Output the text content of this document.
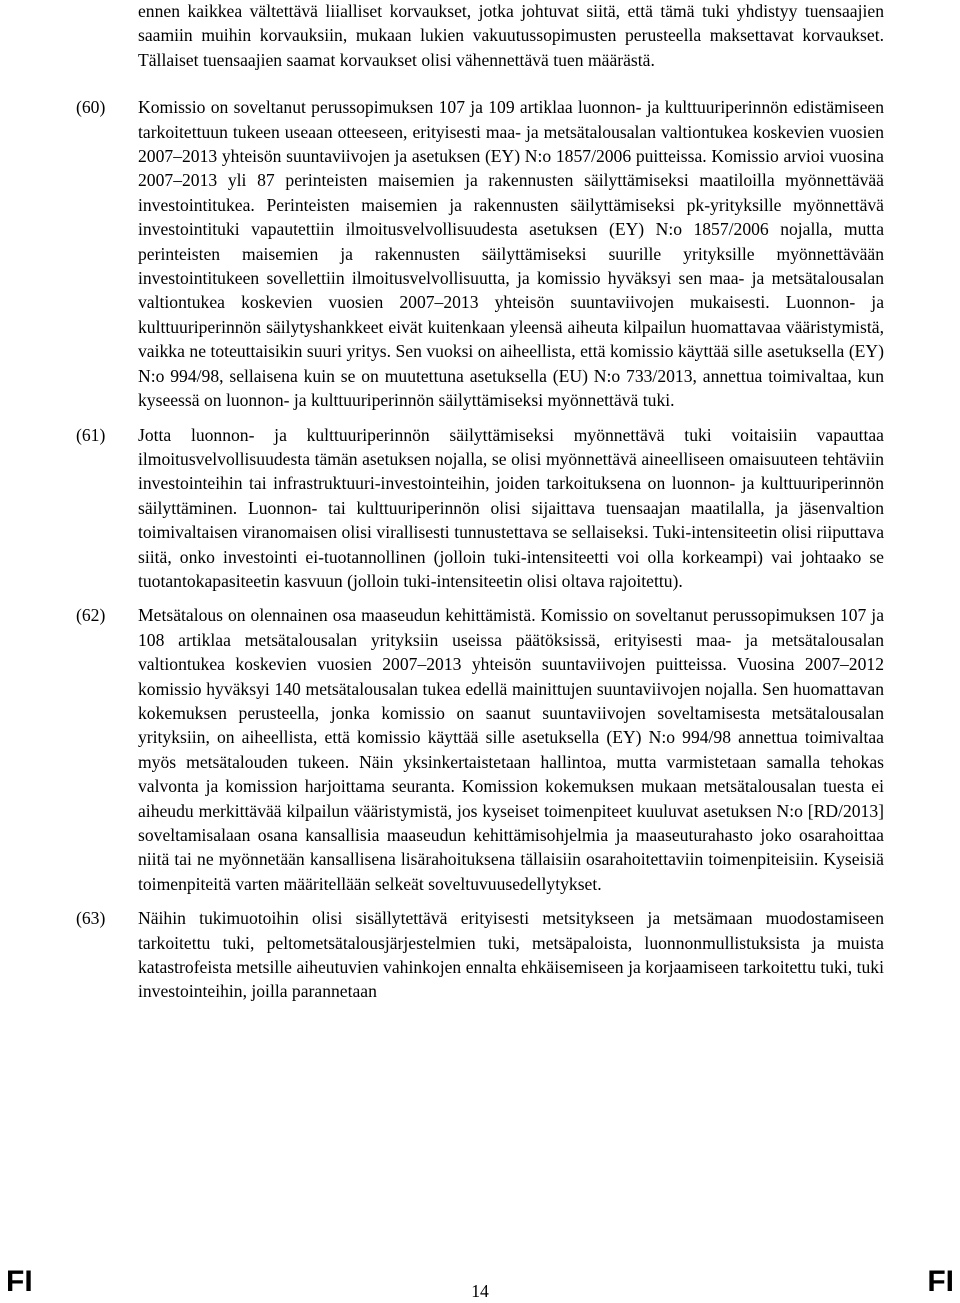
ennen kaikkea vältettävä liialliset korvaukset, jotka johtuvat siitä, että tämä tuki yhdistyy tuensaajien saamiin muihin korvauksiin, mukaan lukien vakuutussopimusten perusteella maksettavat korvaukset. Tällaiset tuensaajien saamat korvaukset olisi vähennettävä tuen määrästä.
(60) Komissio on soveltanut perussopimuksen 107 ja 109 artiklaa luonnon- ja kulttuuriperinnön edistämiseen tarkoitettuun tukeen useaan otteeseen, erityisesti maa- ja metsätalousalan valtiontukea koskevien vuosien 2007–2013 yhteisön suuntaviivojen ja asetuksen (EY) N:o 1857/2006 puitteissa. Komissio arvioi vuosina 2007–2013 yli 87 perinteisten maisemien ja rakennusten säilyttämiseksi maatiloilla myönnettävää investointitukea. Perinteisten maisemien ja rakennusten säilyttämiseksi pk-yrityksille myönnettävä investointituki vapautettiin ilmoitusvelvollisuudesta asetuksen (EY) N:o 1857/2006 nojalla, mutta perinteisten maisemien ja rakennusten säilyttämiseksi suurille yrityksille myönnettävään investointitukeen sovellettiin ilmoitusvelvollisuutta, ja komissio hyväksyi sen maa- ja metsätalousalan valtiontukea koskevien vuosien 2007–2013 yhteisön suuntaviivojen mukaisesti. Luonnon- ja kulttuuriperinnön säilytyshankkeet eivät kuitenkaan yleensä aiheuta kilpailun huomattavaa vääristymistä, vaikka ne toteuttaisikin suuri yritys. Sen vuoksi on aiheellista, että komissio käyttää sille asetuksella (EY) N:o 994/98, sellaisena kuin se on muutettuna asetuksella (EU) N:o 733/2013, annettua toimivaltaa, kun kyseessä on luonnon- ja kulttuuriperinnön säilyttämiseksi myönnettävä tuki.
(61) Jotta luonnon- ja kulttuuriperinnön säilyttämiseksi myönnettävä tuki voitaisiin vapauttaa ilmoitusvelvollisuudesta tämän asetuksen nojalla, se olisi myönnettävä aineelliseen omaisuuteen tehtäviin investointeihin tai infrastruktuuri-investointeihin, joiden tarkoituksena on luonnon- ja kulttuuriperinnön säilyttäminen. Luonnon- tai kulttuuriperinnön olisi sijaittava tuensaajan maatilalla, ja jäsenvaltion toimivaltaisen viranomaisen olisi virallisesti tunnustettava se sellaiseksi. Tuki-intensiteetin olisi riiputtava siitä, onko investointi ei-tuotannollinen (jolloin tuki-intensiteetti voi olla korkeampi) vai johtaako se tuotantokapasiteetin kasvuun (jolloin tuki-intensiteetin olisi oltava rajoitettu).
(62) Metsätalous on olennainen osa maaseudun kehittämistä. Komissio on soveltanut perussopimuksen 107 ja 108 artiklaa metsätalousalan yrityksiin useissa päätöksissä, erityisesti maa- ja metsätalousalan valtiontukea koskevien vuosien 2007–2013 yhteisön suuntaviivojen puitteissa. Vuosina 2007–2012 komissio hyväksyi 140 metsätalousalan tukea edellä mainittujen suuntaviivojen nojalla. Sen huomattavan kokemuksen perusteella, jonka komissio on saanut suuntaviivojen soveltamisesta metsätalousalan yrityksiin, on aiheellista, että komissio käyttää sille asetuksella (EY) N:o 994/98 annettua toimivaltaa myös metsätalouden tukeen. Näin yksinkertaistetaan hallintoa, mutta varmistetaan samalla tehokas valvonta ja komission harjoittama seuranta. Komission kokemuksen mukaan metsätalousalan tuesta ei aiheudu merkittävää kilpailun vääristymistä, jos kyseiset toimenpiteet kuuluvat asetuksen N:o [RD/2013] soveltamisalaan osana kansallisia maaseudun kehittämisohjelmia ja maaseuturahasto joko osarahoittaa niitä tai ne myönnetään kansallisena lisärahoituksena tällaisiin osarahoitettaviin toimenpiteisiin. Kyseisiä toimenpiteitä varten määritellään selkeät soveltuvuusedellytykset.
(63) Näihin tukimuotoihin olisi sisällytettävä erityisesti metsitykseen ja metsämaan muodostamiseen tarkoitettu tuki, peltometsätalousjärjestelmien tuki, metsäpaloista, luonnonmullistuksista ja muista katastrofeista metsille aiheutuvien vahinkojen ennalta ehkäisemiseen ja korjaamiseen tarkoitettu tuki, tuki investointeihin, joilla parannetaan
FI	14	FI
